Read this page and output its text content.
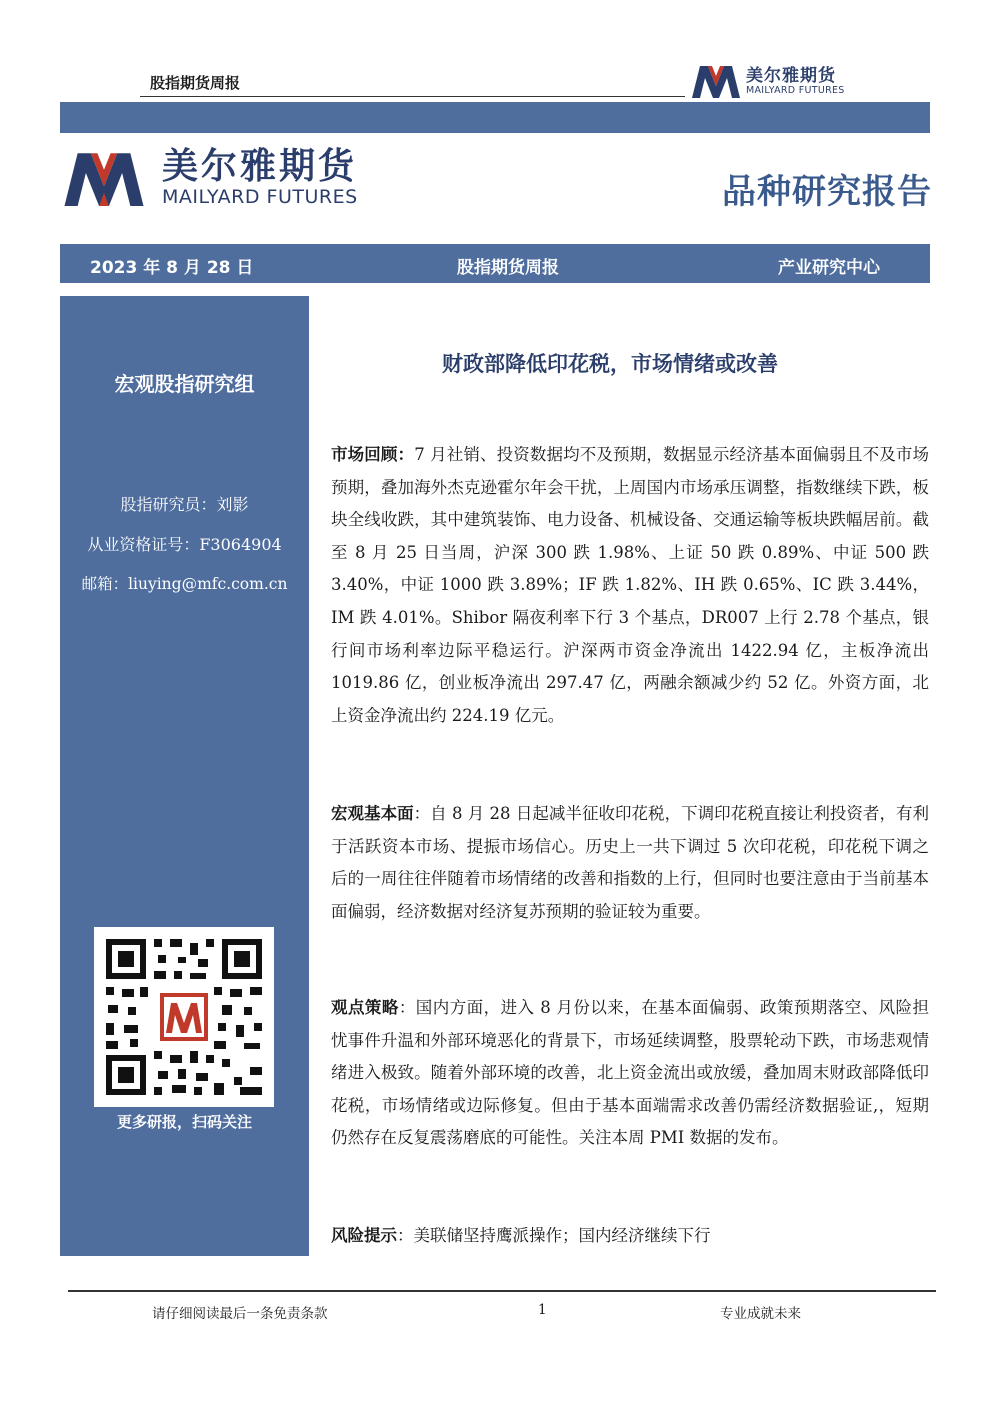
股指期货周报	美尔雅期货
MAILYARD FUTURES
美尔雅期货
MAILYARD FUTURES	品种研究报告
2023 年 8 月 28 日	股指期货周报	产业研究中心
宏观股指研究组
股指研究员：刘影
从业资格证号：F3064904
邮箱：liuying@mfc.com.cn
更多研报，扫码关注
财政部降低印花税，市场情绪或改善
市场回顾：7 月社销、投资数据均不及预期，数据显示经济基本面偏弱且不及市场预期，叠加海外杰克逊霍尔年会干扰，上周国内市场承压调整，指数继续下跌，板块全线收跌，其中建筑装饰、电力设备、机械设备、交通运输等板块跌幅居前。截至 8 月 25 日当周，沪深 300 跌 1.98%、上证 50 跌 0.89%、中证 500 跌 3.40%，中证 1000 跌 3.89%；IF 跌 1.82%、IH 跌 0.65%、IC 跌 3.44%，IM 跌 4.01%。Shibor 隔夜利率下行 3 个基点，DR007 上行 2.78 个基点，银行间市场利率边际平稳运行。沪深两市资金净流出 1422.94 亿，主板净流出 1019.86 亿，创业板净流出 297.47 亿，两融余额减少约 52 亿。外资方面，北上资金净流出约 224.19 亿元。
宏观基本面：自 8 月 28 日起减半征收印花税，下调印花税直接让利投资者，有利于活跃资本市场、提振市场信心。历史上一共下调过 5 次印花税，印花税下调之后的一周往往伴随着市场情绪的改善和指数的上行，但同时也要注意由于当前基本面偏弱，经济数据对经济复苏预期的验证较为重要。
观点策略：国内方面，进入 8 月份以来，在基本面偏弱、政策预期落空、风险担忧事件升温和外部环境恶化的背景下，市场延续调整，股票轮动下跌，市场悲观情绪进入极致。随着外部环境的改善，北上资金流出或放缓，叠加周末财政部降低印花税，市场情绪或边际修复。但由于基本面端需求改善仍需经济数据验证,，短期仍然存在反复震荡磨底的可能性。关注本周 PMI 数据的发布。
风险提示：美联储坚持鹰派操作；国内经济继续下行
请仔细阅读最后一条免责条款	1	专业成就未来
